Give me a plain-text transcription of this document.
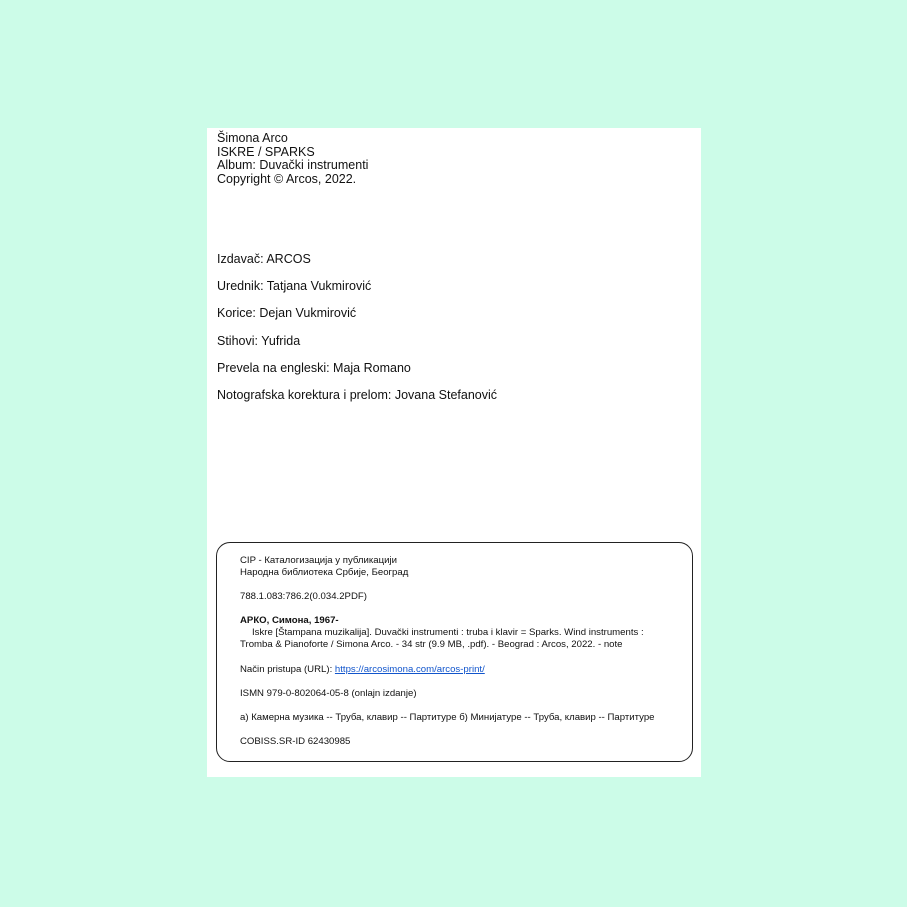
Šimona Arco
ISKRE / SPARKS
Album: Duvački instrumenti
Copyright © Arcos, 2022.
Izdavač: ARCOS
Urednik: Tatjana Vukmirović
Korice: Dejan Vukmirović
Stihovi: Yufrida
Prevela na engleski: Maja Romano
Notografska korektura i prelom: Jovana Stefanović
CIP - Каталогизација у публикацији
Народна библиотека Србије, Београд
788.1.083:786.2(0.034.2PDF)
АРКО, Симона, 1967-
Iskre [Štampana muzikalija]. Duvački instrumenti : truba i klavir = Sparks. Wind instruments :
Tromba & Pianoforte / Simona Arco. - 34 str (9.9 MB, .pdf). - Beograd : Arcos, 2022. - note
Način pristupa (URL): https://arcosimona.com/arcos-print/
ISMN 979-0-802064-05-8 (onlajn izdanje)
а) Камерна музика -- Труба, клавир -- Партитуре б) Минијатуре -- Труба, клавир -- Партитуре
COBISS.SR-ID 62430985
